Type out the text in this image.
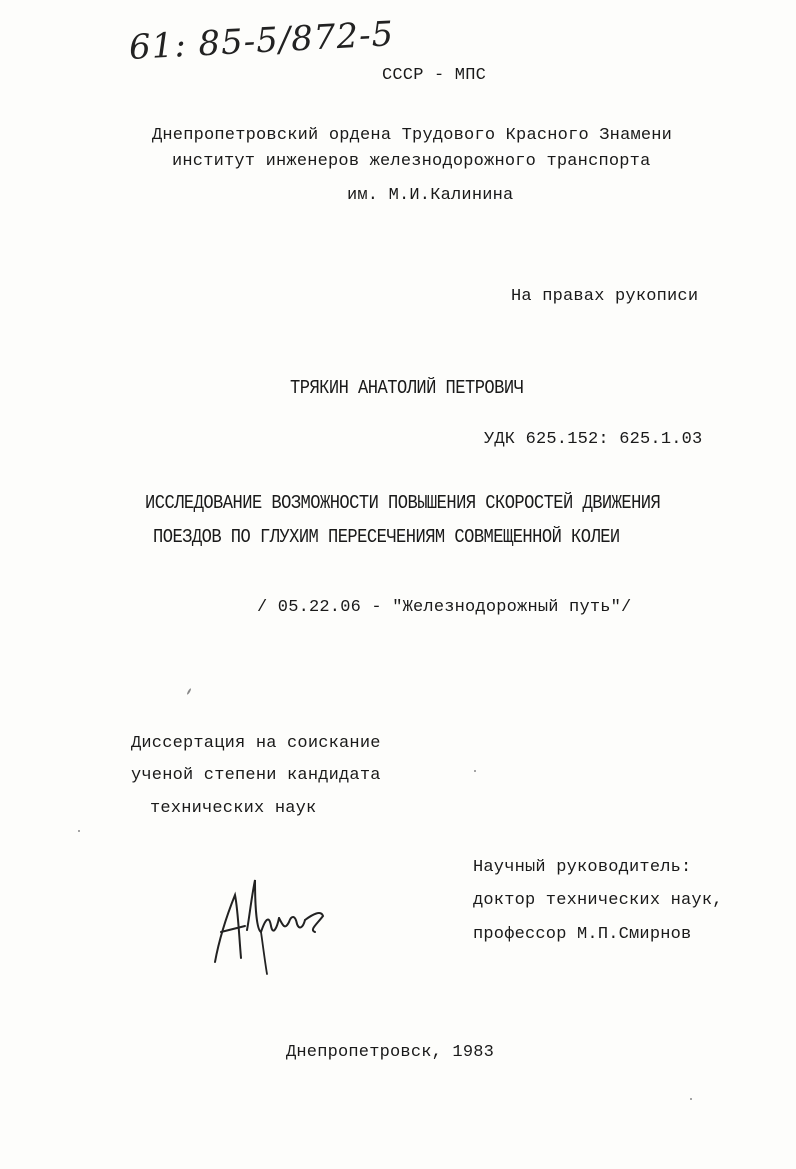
61: 85-5/872-5
СССР - МПС
Днепропетровский ордена Трудового Красного Знамени
институт инженеров железнодорожного транспорта
им. М.И.Калинина
На правах рукописи
ТРЯКИН АНАТОЛИЙ ПЕТРОВИЧ
УДК 625.152: 625.1.03
ИССЛЕДОВАНИЕ ВОЗМОЖНОСТИ ПОВЫШЕНИЯ СКОРОСТЕЙ ДВИЖЕНИЯ
ПОЕЗДОВ ПО ГЛУХИМ ПЕРЕСЕЧЕНИЯМ СОВМЕЩЕННОЙ КОЛЕИ
/ 05.22.06 - "Железнодорожный путь"/
Диссертация на соискание
ученой степени кандидата
технических наук
Научный руководитель:
доктор технических наук,
профессор М.П.Смирнов
Днепропетровск, 1983
